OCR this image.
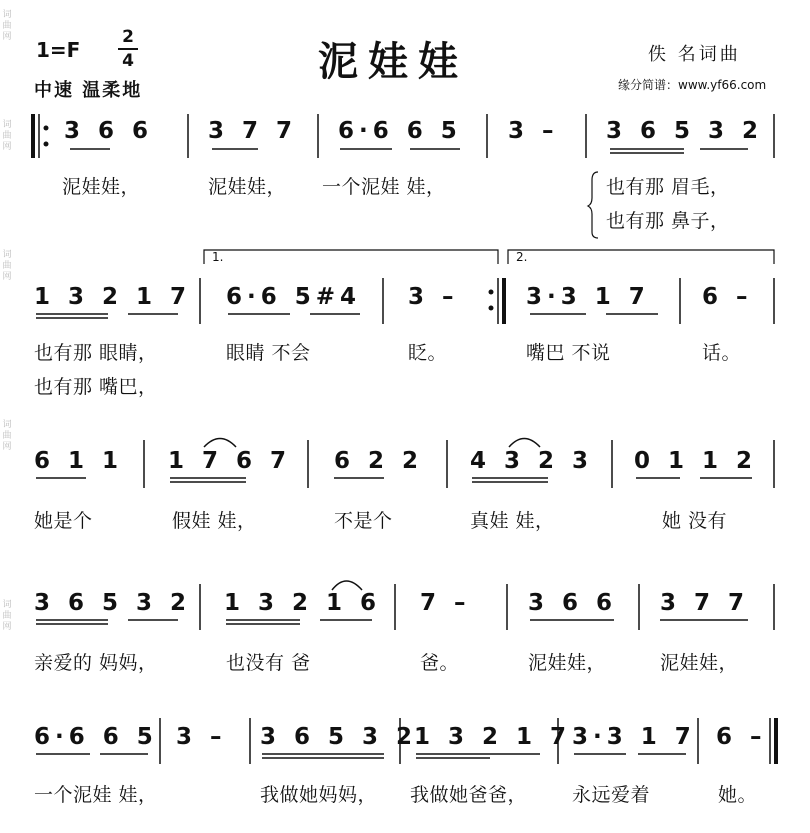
泥娃娃
1=F
2
4
中速 温柔地
佚 名词曲
缘分简谱：www.yf66.com
词
曲
网
词
曲
网
词
曲
网
词
曲
网
词
曲
网
1.	2.
3 6 6 3 7 7 6·6 6 5 3 – 3 6 5 3 2
泥娃娃，	泥娃娃， 一个泥娃 娃，	也有那 眉毛，
也有那 鼻子，
1 3 2 1 7 6·6 5#4 3 –	3·3 1 7 6 –
也有那 眼睛，	眼睛 不会	眨。	嘴巴 不说	话。
也有那 嘴巴，
6 1 1 1 7 6 7 6 2 2 4 3 2 3 0 1 1 2
她是个	假娃 娃，	不是个	真娃 娃，	她 没有
3 6 5 3 2 1 3 2 1 6 7 – 3 6 6 3 7 7
亲爱的 妈妈，	也没有 爸	爸。	泥娃娃，	泥娃娃，
6·6 6 5 3 – 3 6 5 3 2
1 3 2 1 7 3·3 1 7 6 –
一个泥娃 娃，	我做她妈妈， 我做她爸爸， 永远爱着	她。
